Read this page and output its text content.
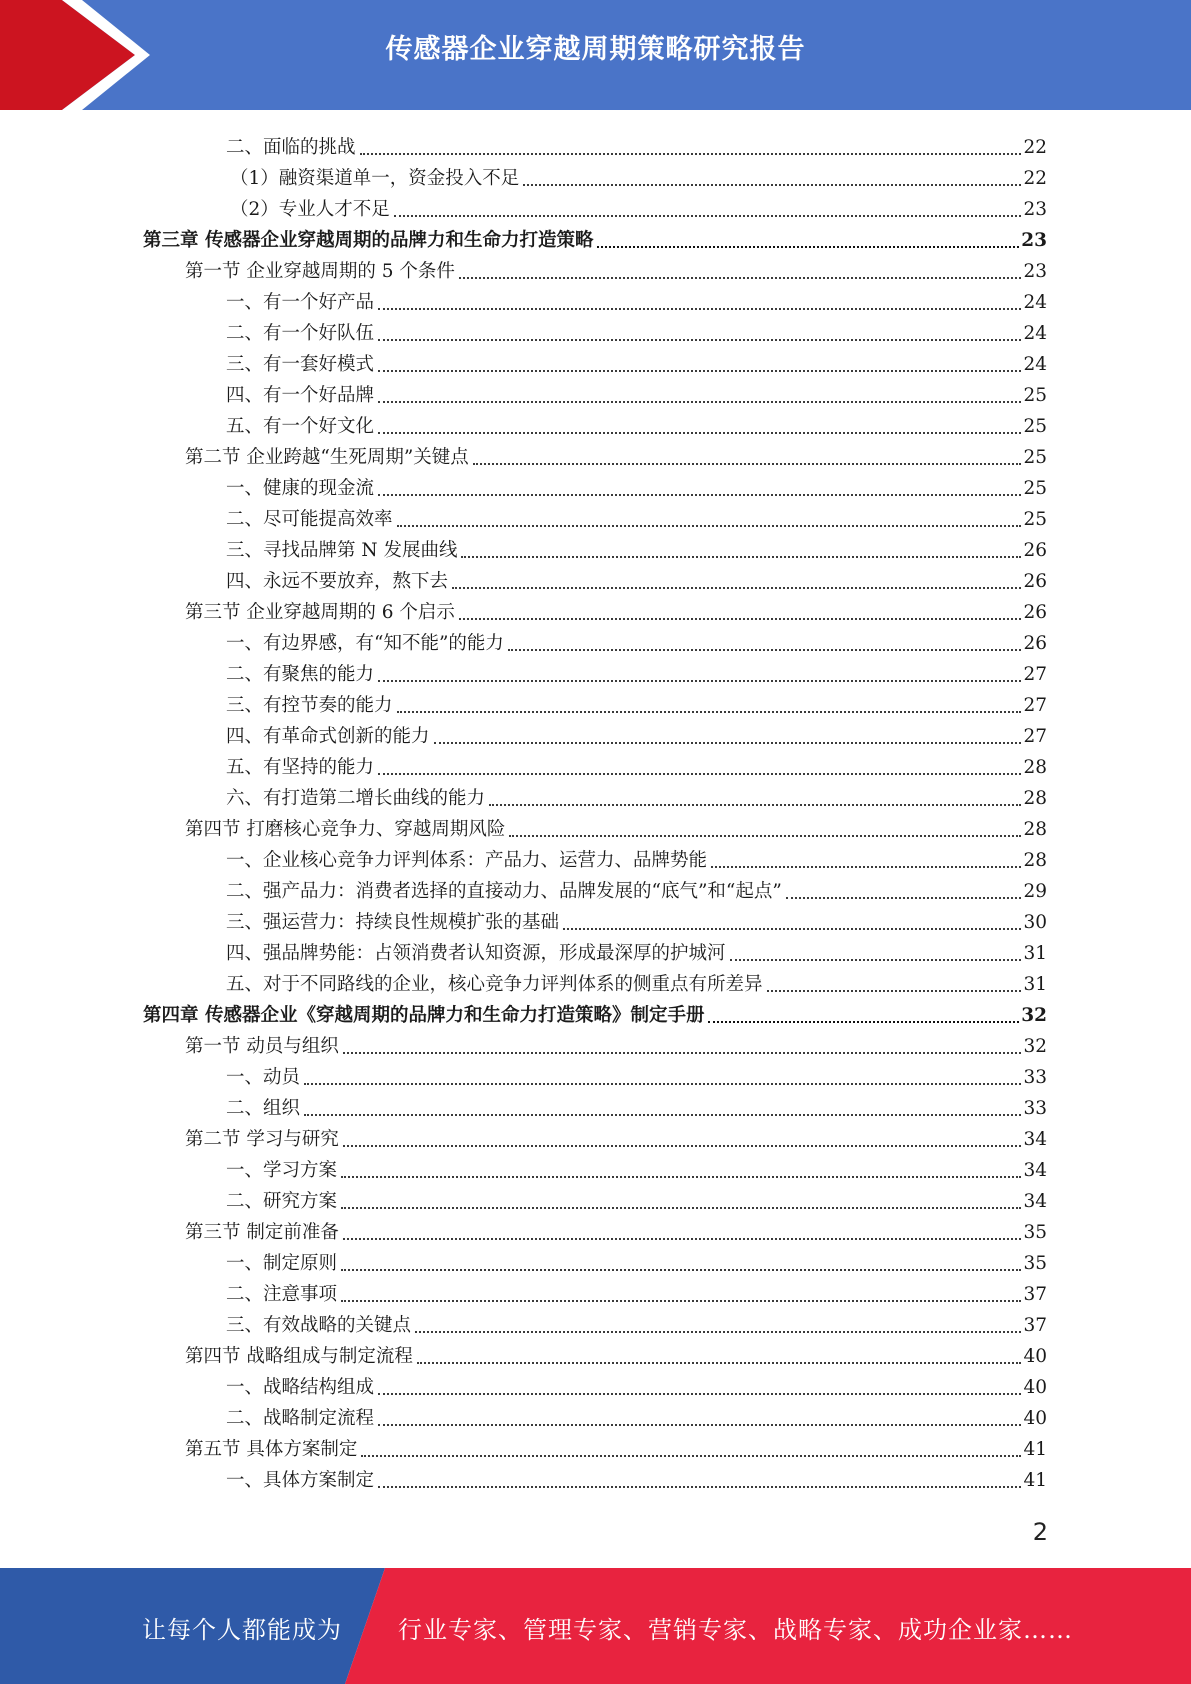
传感器企业穿越周期策略研究报告
二、面临的挑战	22
（1）融资渠道单一，资金投入不足	22
（2）专业人才不足	23
第三章 传感器企业穿越周期的品牌力和生命力打造策略	23
第一节 企业穿越周期的 5 个条件	23
一、有一个好产品	24
二、有一个好队伍	24
三、有一套好模式	24
四、有一个好品牌	25
五、有一个好文化	25
第二节 企业跨越“生死周期”关键点	25
一、健康的现金流	25
二、尽可能提高效率	25
三、寻找品牌第 N 发展曲线	26
四、永远不要放弃，熬下去	26
第三节 企业穿越周期的 6 个启示	26
一、有边界感，有“知不能”的能力	26
二、有聚焦的能力	27
三、有控节奏的能力	27
四、有革命式创新的能力	27
五、有坚持的能力	28
六、有打造第二增长曲线的能力	28
第四节 打磨核心竞争力、穿越周期风险	28
一、企业核心竞争力评判体系：产品力、运营力、品牌势能	28
二、强产品力：消费者选择的直接动力、品牌发展的“底气”和“起点”	29
三、强运营力：持续良性规模扩张的基础	30
四、强品牌势能：占领消费者认知资源，形成最深厚的护城河	31
五、对于不同路线的企业，核心竞争力评判体系的侧重点有所差异	31
第四章 传感器企业《穿越周期的品牌力和生命力打造策略》制定手册	32
第一节 动员与组织	32
一、动员	33
二、组织	33
第二节 学习与研究	34
一、学习方案	34
二、研究方案	34
第三节 制定前准备	35
一、制定原则	35
二、注意事项	37
三、有效战略的关键点	37
第四节 战略组成与制定流程	40
一、战略结构组成	40
二、战略制定流程	40
第五节 具体方案制定	41
一、具体方案制定	41
2
让每个人都能成为 行业专家、管理专家、营销专家、战略专家、成功企业家……
